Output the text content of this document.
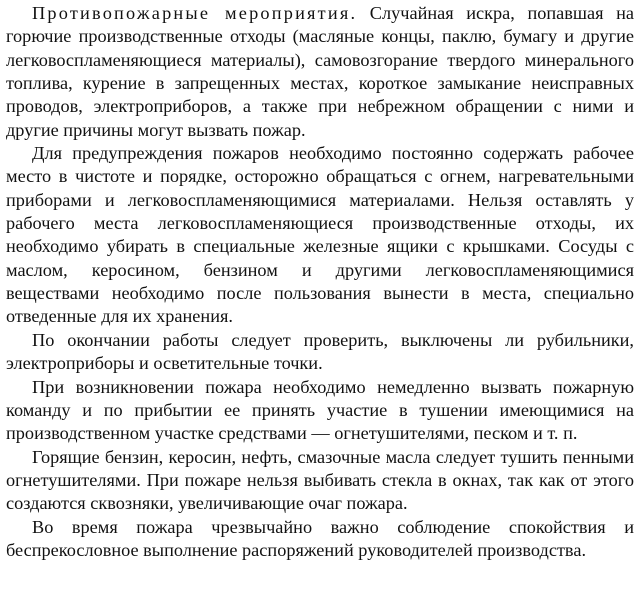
Противопожарные мероприятия. Случайная искра, попавшая на горючие производственные отходы (масляные концы, паклю, бумагу и другие легковоспламеняющиеся материалы), самовозгорание твердого минерального топлива, курение в запрещенных местах, короткое замыкание неисправных проводов, электроприборов, а также при небрежном обращении с ними и другие причины могут вызвать пожар.

Для предупреждения пожаров необходимо постоянно содержать рабочее место в чистоте и порядке, осторожно обращаться с огнем, нагревательными приборами и легковоспламеняющимися материалами. Нельзя оставлять у рабочего места легковоспламеняющиеся производственные отходы, их необходимо убирать в специальные железные ящики с крышками. Сосуды с маслом, керосином, бензином и другими легковоспламеняющимися веществами необходимо после пользования вынести в места, специально отведенные для их хранения.

По окончании работы следует проверить, выключены ли рубильники, электроприборы и осветительные точки.

При возникновении пожара необходимо немедленно вызвать пожарную команду и по прибытии ее принять участие в тушении имеющимися на производственном участке средствами — огнетушителями, песком и т. п.

Горящие бензин, керосин, нефть, смазочные масла следует тушить пенными огнетушителями. При пожаре нельзя выбивать стекла в окнах, так как от этого создаются сквозняки, увеличивающие очаг пожара.

Во время пожара чрезвычайно важно соблюдение спокойствия и беспрекословное выполнение распоряжений руководителей производства.
